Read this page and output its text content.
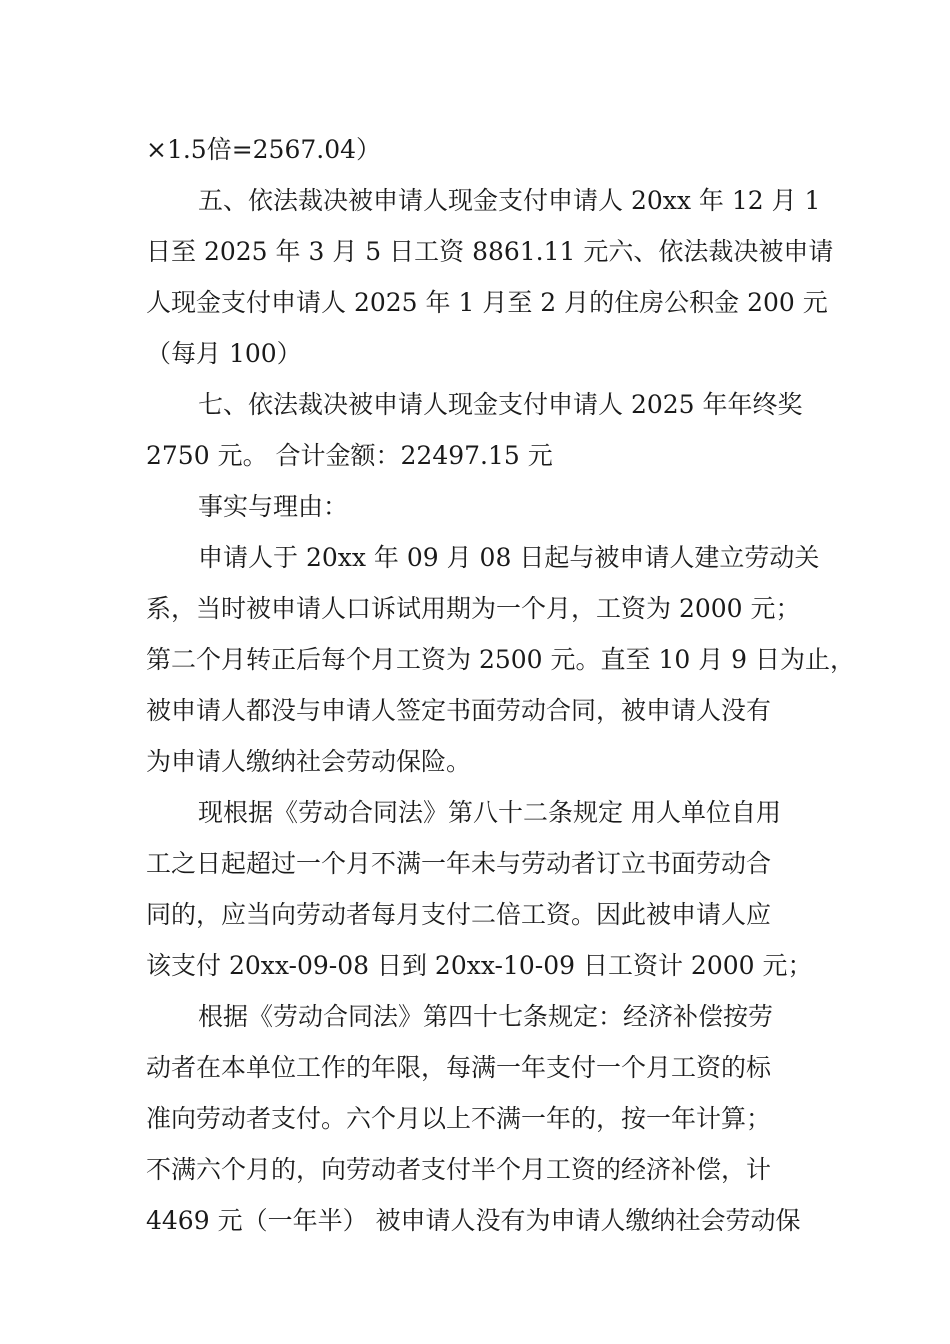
×1.5倍=2567.04）
五、依法裁决被申请人现金支付申请人 20xx 年 12 月 1
日至 2025 年 3 月 5 日工资 8861.11 元六、依法裁决被申请
人现金支付申请人 2025 年 1 月至 2 月的住房公积金 200 元
（每月 100）
七、依法裁决被申请人现金支付申请人 2025 年年终奖
2750 元。 合计金额：22497.15 元
事实与理由：
申请人于 20xx 年 09 月 08 日起与被申请人建立劳动关
系，当时被申请人口诉试用期为一个月，工资为 2000 元；
第二个月转正后每个月工资为 2500 元。直至 10 月 9 日为止，
被申请人都没与申请人签定书面劳动合同，被申请人没有
为申请人缴纳社会劳动保险。
现根据《劳动合同法》第八十二条规定 用人单位自用
工之日起超过一个月不满一年未与劳动者订立书面劳动合
同的，应当向劳动者每月支付二倍工资。因此被申请人应
该支付 20xx-09-08 日到 20xx-10-09 日工资计 2000 元；
根据《劳动合同法》第四十七条规定：经济补偿按劳
动者在本单位工作的年限，每满一年支付一个月工资的标
准向劳动者支付。六个月以上不满一年的，按一年计算；
不满六个月的，向劳动者支付半个月工资的经济补偿，计
4469 元（一年半） 被申请人没有为申请人缴纳社会劳动保
